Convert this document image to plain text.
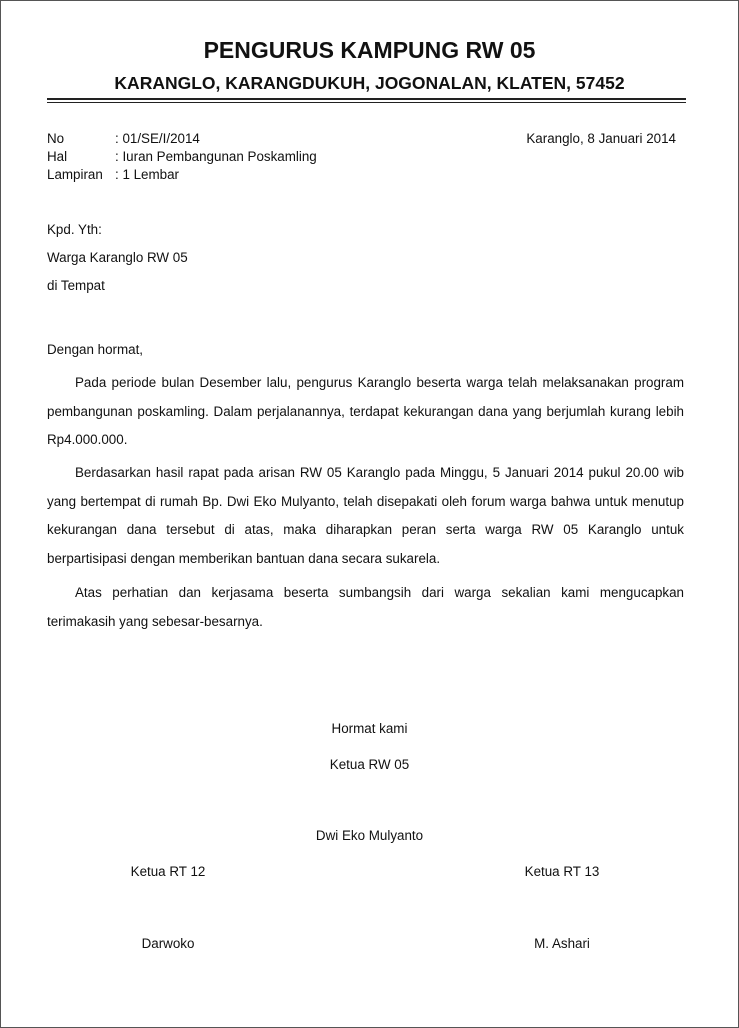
PENGURUS KAMPUNG RW 05
KARANGLO, KARANGDUKUH, JOGONALAN, KLATEN, 57452
No	: 01/SE/I/2014
Hal	: Iuran Pembangunan Poskamling
Lampiran : 1 Lembar
Karanglo, 8 Januari 2014
Kpd. Yth:
Warga Karanglo RW 05
di Tempat
Dengan hormat,
Pada periode bulan Desember lalu, pengurus Karanglo beserta warga telah melaksanakan program pembangunan poskamling. Dalam perjalanannya, terdapat kekurangan dana yang berjumlah kurang lebih Rp4.000.000.
Berdasarkan hasil rapat pada arisan RW 05 Karanglo pada Minggu, 5 Januari 2014 pukul 20.00 wib yang bertempat di rumah Bp. Dwi Eko Mulyanto, telah disepakati oleh forum warga bahwa untuk menutup kekurangan dana tersebut di atas, maka diharapkan peran serta warga RW 05 Karanglo untuk berpartisipasi dengan memberikan bantuan dana secara sukarela.
Atas perhatian dan kerjasama beserta sumbangsih dari warga sekalian kami mengucapkan terimakasih yang sebesar-besarnya.
Hormat kami
Ketua RW 05
Dwi Eko Mulyanto
Ketua RT 12	Ketua RT 13
Darwoko	M. Ashari
